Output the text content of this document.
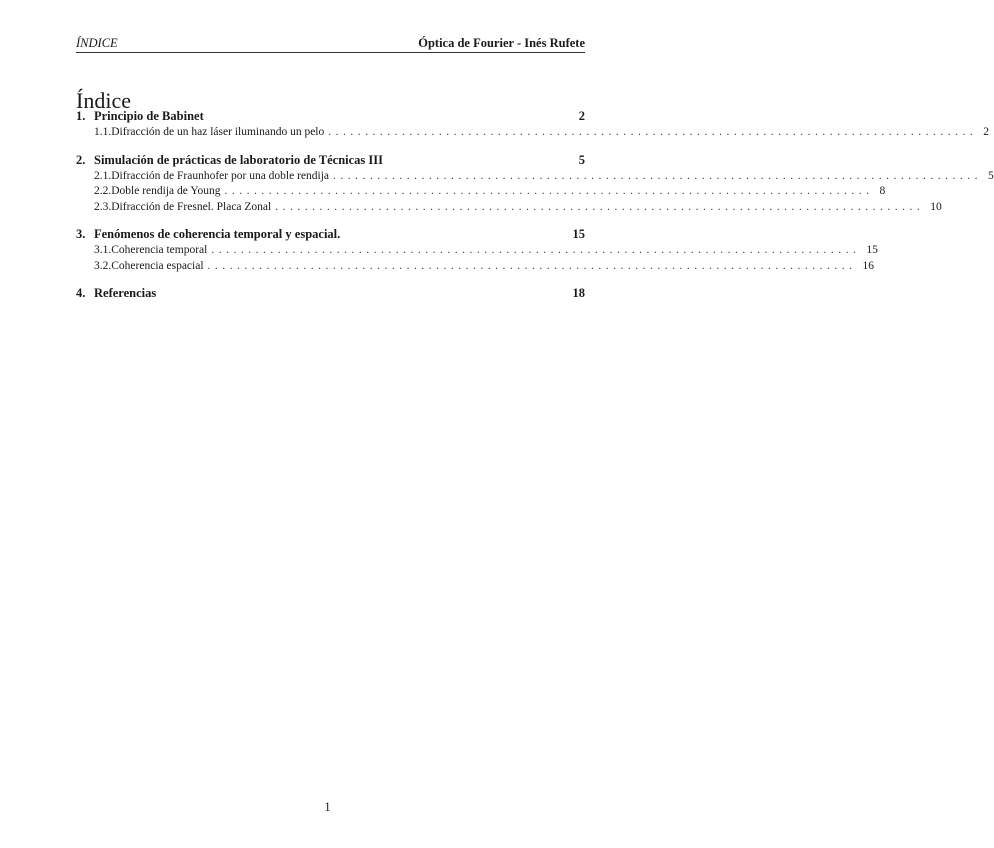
ÍNDICE	Óptica de Fourier - Inés Rufete
Índice
1. Principio de Babinet	2
1.1. Difracción de un haz láser iluminando un pelo ........................................................................................ 2
2. Simulación de prácticas de laboratorio de Técnicas III	5
2.1. Difracción de Fraunhofer por una doble rendija ........................................................................................ 5
2.2. Doble rendija de Young ........................................................................................ 8
2.3. Difracción de Fresnel. Placa Zonal ........................................................................................ 10
3. Fenómenos de coherencia temporal y espacial.	15
3.1. Coherencia temporal ........................................................................................ 15
3.2. Coherencia espacial ........................................................................................ 16
4. Referencias	18
1
